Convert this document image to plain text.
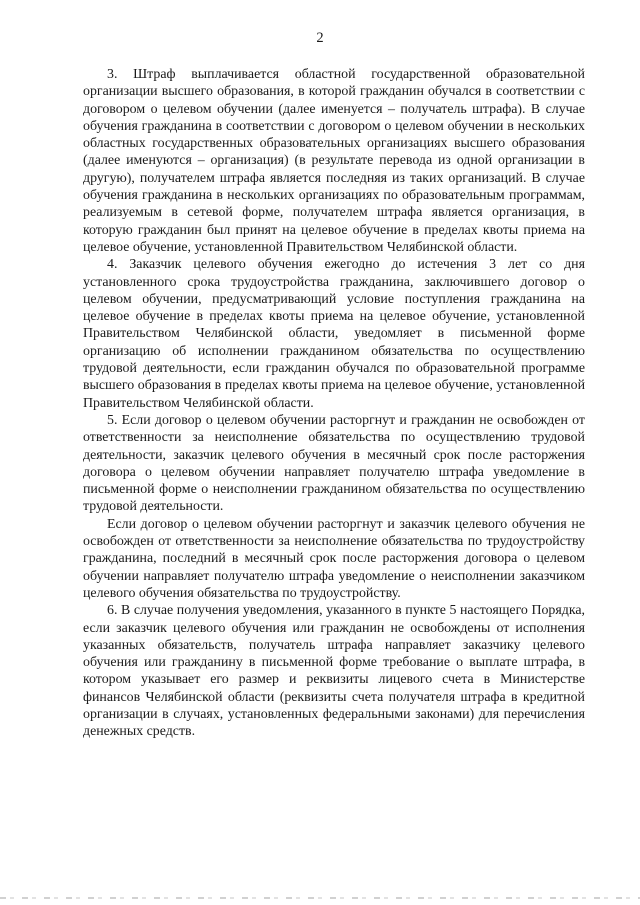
2

3. Штраф выплачивается областной государственной образовательной организации высшего образования, в которой гражданин обучался в соответствии с договором о целевом обучении (далее именуется – получатель штрафа). В случае обучения гражданина в соответствии с договором о целевом обучении в нескольких областных государственных образовательных организациях высшего образования (далее именуются – организация) (в результате перевода из одной организации в другую), получателем штрафа является последняя из таких организаций. В случае обучения гражданина в нескольких организациях по образовательным программам, реализуемым в сетевой форме, получателем штрафа является организация, в которую гражданин был принят на целевое обучение в пределах квоты приема на целевое обучение, установленной Правительством Челябинской области.

4. Заказчик целевого обучения ежегодно до истечения 3 лет со дня установленного срока трудоустройства гражданина, заключившего договор о целевом обучении, предусматривающий условие поступления гражданина на целевое обучение в пределах квоты приема на целевое обучение, установленной Правительством Челябинской области, уведомляет в письменной форме организацию об исполнении гражданином обязательства по осуществлению трудовой деятельности, если гражданин обучался по образовательной программе высшего образования в пределах квоты приема на целевое обучение, установленной Правительством Челябинской области.

5. Если договор о целевом обучении расторгнут и гражданин не освобожден от ответственности за неисполнение обязательства по осуществлению трудовой деятельности, заказчик целевого обучения в месячный срок после расторжения договора о целевом обучении направляет получателю штрафа уведомление в письменной форме о неисполнении гражданином обязательства по осуществлению трудовой деятельности.

Если договор о целевом обучении расторгнут и заказчик целевого обучения не освобожден от ответственности за неисполнение обязательства по трудоустройству гражданина, последний в месячный срок после расторжения договора о целевом обучении направляет получателю штрафа уведомление о неисполнении заказчиком целевого обучения обязательства по трудоустройству.

6. В случае получения уведомления, указанного в пункте 5 настоящего Порядка, если заказчик целевого обучения или гражданин не освобождены от исполнения указанных обязательств, получатель штрафа направляет заказчику целевого обучения или гражданину в письменной форме требование о выплате штрафа, в котором указывает его размер и реквизиты лицевого счета в Министерстве финансов Челябинской области (реквизиты счета получателя штрафа в кредитной организации в случаях, установленных федеральными законами) для перечисления денежных средств.
